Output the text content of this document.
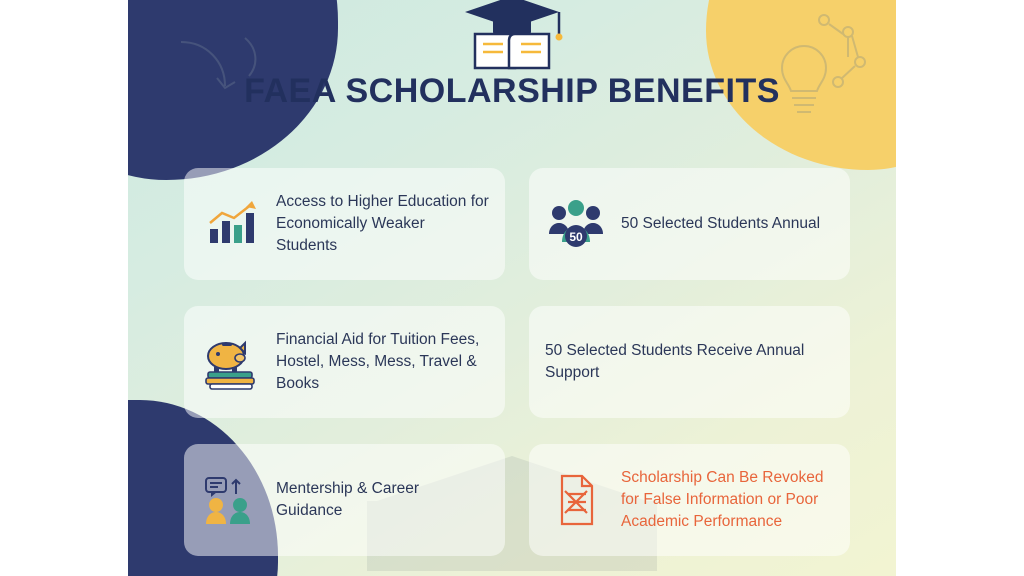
FAEA SCHOLARSHIP BENEFITS
Access to Higher Education for Economically Weaker Students	50
50 Selected Students Annual
Financial Aid for Tuition Fees, Hostel, Mess, Mess, Travel & Books
50 Selected Students Receive Annual Support
Mentership & Career Guidance
Scholarship Can Be Revoked for False Information or Poor Academic Performance
